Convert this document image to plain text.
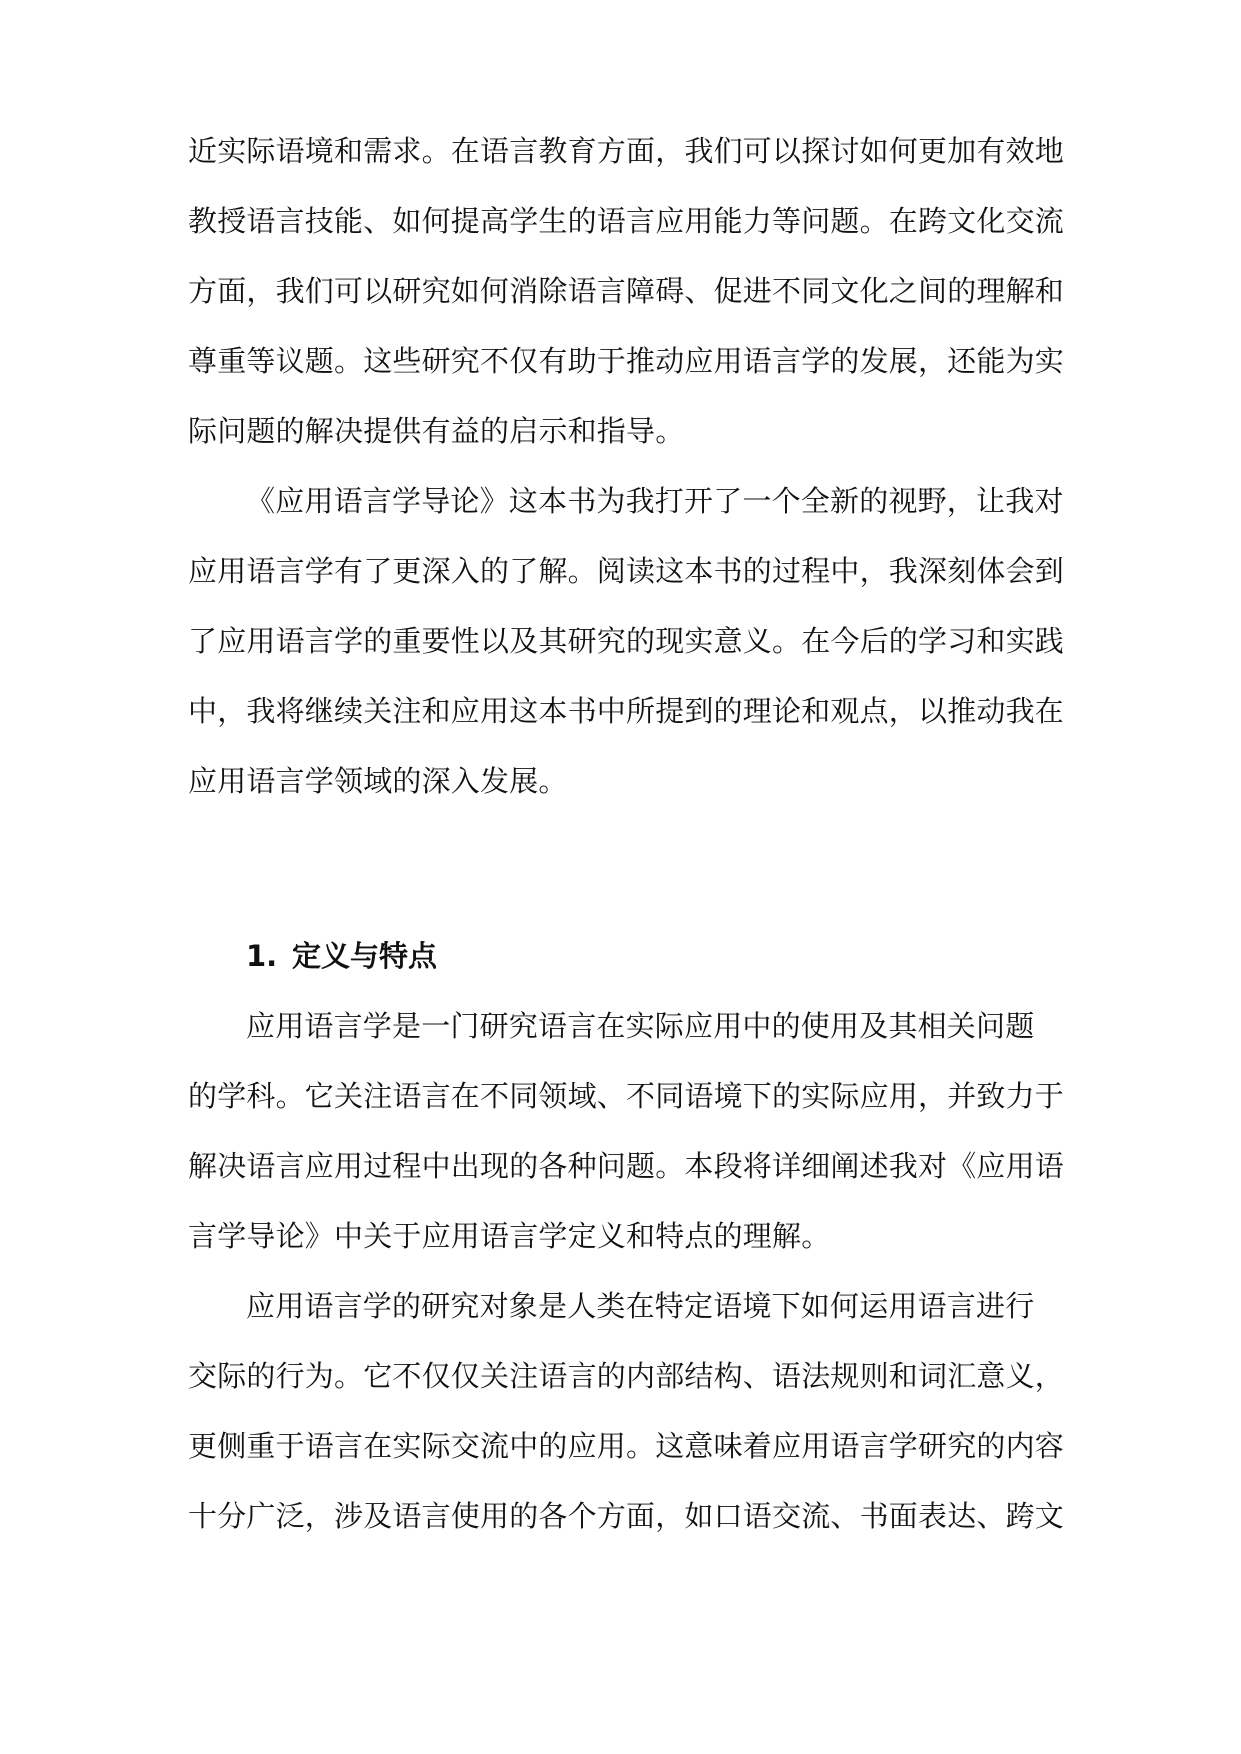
近实际语境和需求。在语言教育方面，我们可以探讨如何更加有效地
教授语言技能、如何提高学生的语言应用能力等问题。在跨文化交流
方面，我们可以研究如何消除语言障碍、促进不同文化之间的理解和
尊重等议题。这些研究不仅有助于推动应用语言学的发展，还能为实
际问题的解决提供有益的启示和指导。
《应用语言学导论》这本书为我打开了一个全新的视野，让我对
应用语言学有了更深入的了解。阅读这本书的过程中，我深刻体会到
了应用语言学的重要性以及其研究的现实意义。在今后的学习和实践
中，我将继续关注和应用这本书中所提到的理论和观点，以推动我在
应用语言学领域的深入发展。
1. 定义与特点
应用语言学是一门研究语言在实际应用中的使用及其相关问题
的学科。它关注语言在不同领域、不同语境下的实际应用，并致力于
解决语言应用过程中出现的各种问题。本段将详细阐述我对《应用语
言学导论》中关于应用语言学定义和特点的理解。
应用语言学的研究对象是人类在特定语境下如何运用语言进行
交际的行为。它不仅仅关注语言的内部结构、语法规则和词汇意义，
更侧重于语言在实际交流中的应用。这意味着应用语言学研究的内容
十分广泛，涉及语言使用的各个方面，如口语交流、书面表达、跨文
